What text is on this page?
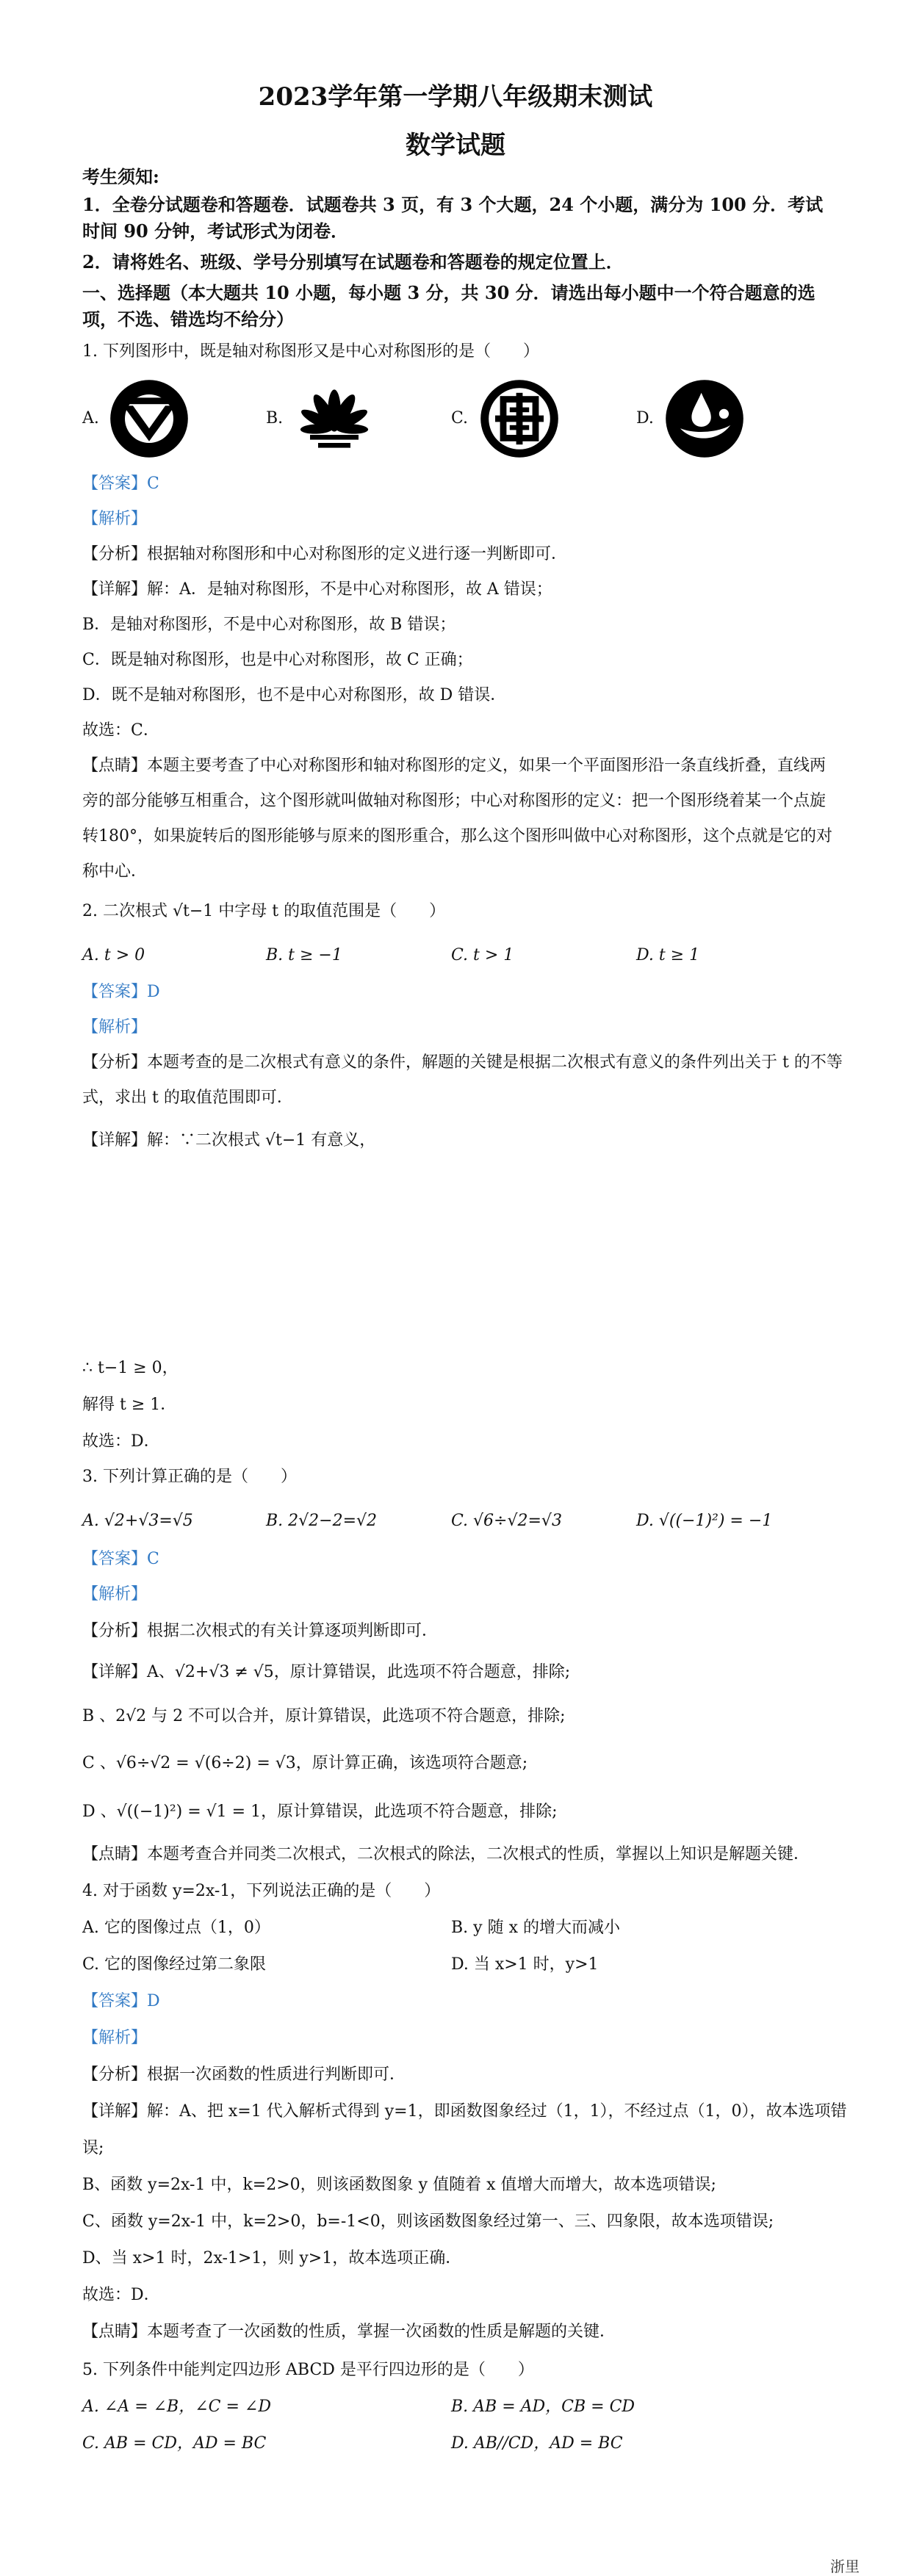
2023学年第一学期八年级期末测试
数学试题
考生须知:
1．全卷分试题卷和答题卷．试题卷共 3 页，有 3 个大题，24 个小题，满分为 100 分．考试
时间 90 分钟，考试形式为闭卷．
2．请将姓名、班级、学号分别填写在试题卷和答题卷的规定位置上．
一、选择题（本大题共 10 小题，每小题 3 分，共 30 分．请选出每小题中一个符合题意的选
项，不选、错选均不给分）
1. 下列图形中，既是轴对称图形又是中心对称图形的是（　　）
A.	B.	C.	D.
【答案】C
【解析】
【分析】根据轴对称图形和中心对称图形的定义进行逐一判断即可．
【详解】解：A．是轴对称图形，不是中心对称图形，故 A 错误；
B．是轴对称图形，不是中心对称图形，故 B 错误；
C．既是轴对称图形，也是中心对称图形，故 C 正确；
D．既不是轴对称图形，也不是中心对称图形，故 D 错误．
故选：C．
【点睛】本题主要考查了中心对称图形和轴对称图形的定义，如果一个平面图形沿一条直线折叠，直线两
旁的部分能够互相重合，这个图形就叫做轴对称图形；中心对称图形的定义：把一个图形绕着某一个点旋
转180°，如果旋转后的图形能够与原来的图形重合，那么这个图形叫做中心对称图形，这个点就是它的对
称中心．
2. 二次根式 √t−1 中字母 t 的取值范围是（　　）
A. t > 0	B. t ≥ −1	C. t > 1	D. t ≥ 1
【答案】D
【解析】
【分析】本题考查的是二次根式有意义的条件，解题的关键是根据二次根式有意义的条件列出关于 t 的不等
式，求出 t 的取值范围即可．
【详解】解：∵二次根式 √t−1 有意义，
∴ t−1 ≥ 0，
解得 t ≥ 1．
故选：D．
3. 下列计算正确的是（　　）
A. √2+√3=√5	B. 2√2−2=√2	C. √6÷√2=√3	D. √((−1)²) = −1
【答案】C
【解析】
【分析】根据二次根式的有关计算逐项判断即可．
【详解】A、√2+√3 ≠ √5，原计算错误，此选项不符合题意，排除;
B 、2√2 与 2 不可以合并，原计算错误，此选项不符合题意，排除;
C 、√6÷√2 = √(6÷2) = √3，原计算正确，该选项符合题意;
D 、√((−1)²) = √1 = 1，原计算错误，此选项不符合题意，排除;
【点睛】本题考查合并同类二次根式，二次根式的除法，二次根式的性质，掌握以上知识是解题关键．
4. 对于函数 y=2x-1，下列说法正确的是（　　）
A. 它的图像过点（1，0）	B. y 随 x 的增大而减小
C. 它的图像经过第二象限	D. 当 x>1 时，y>1
【答案】D
【解析】
【分析】根据一次函数的性质进行判断即可．
【详解】解：A、把 x=1 代入解析式得到 y=1，即函数图象经过（1，1），不经过点（1，0），故本选项错
误;
B、函数 y=2x-1 中，k=2>0，则该函数图象 y 值随着 x 值增大而增大，故本选项错误;
C、函数 y=2x-1 中，k=2>0，b=-1<0，则该函数图象经过第一、三、四象限，故本选项错误;
D、当 x>1 时，2x-1>1，则 y>1，故本选项正确．
故选：D．
【点睛】本题考查了一次函数的性质，掌握一次函数的性质是解题的关键．
5. 下列条件中能判定四边形 ABCD 是平行四边形的是（　　）
A. ∠A = ∠B，∠C = ∠D	B. AB = AD，CB = CD
C. AB = CD，AD = BC	D. AB//CD，AD = BC
浙里
